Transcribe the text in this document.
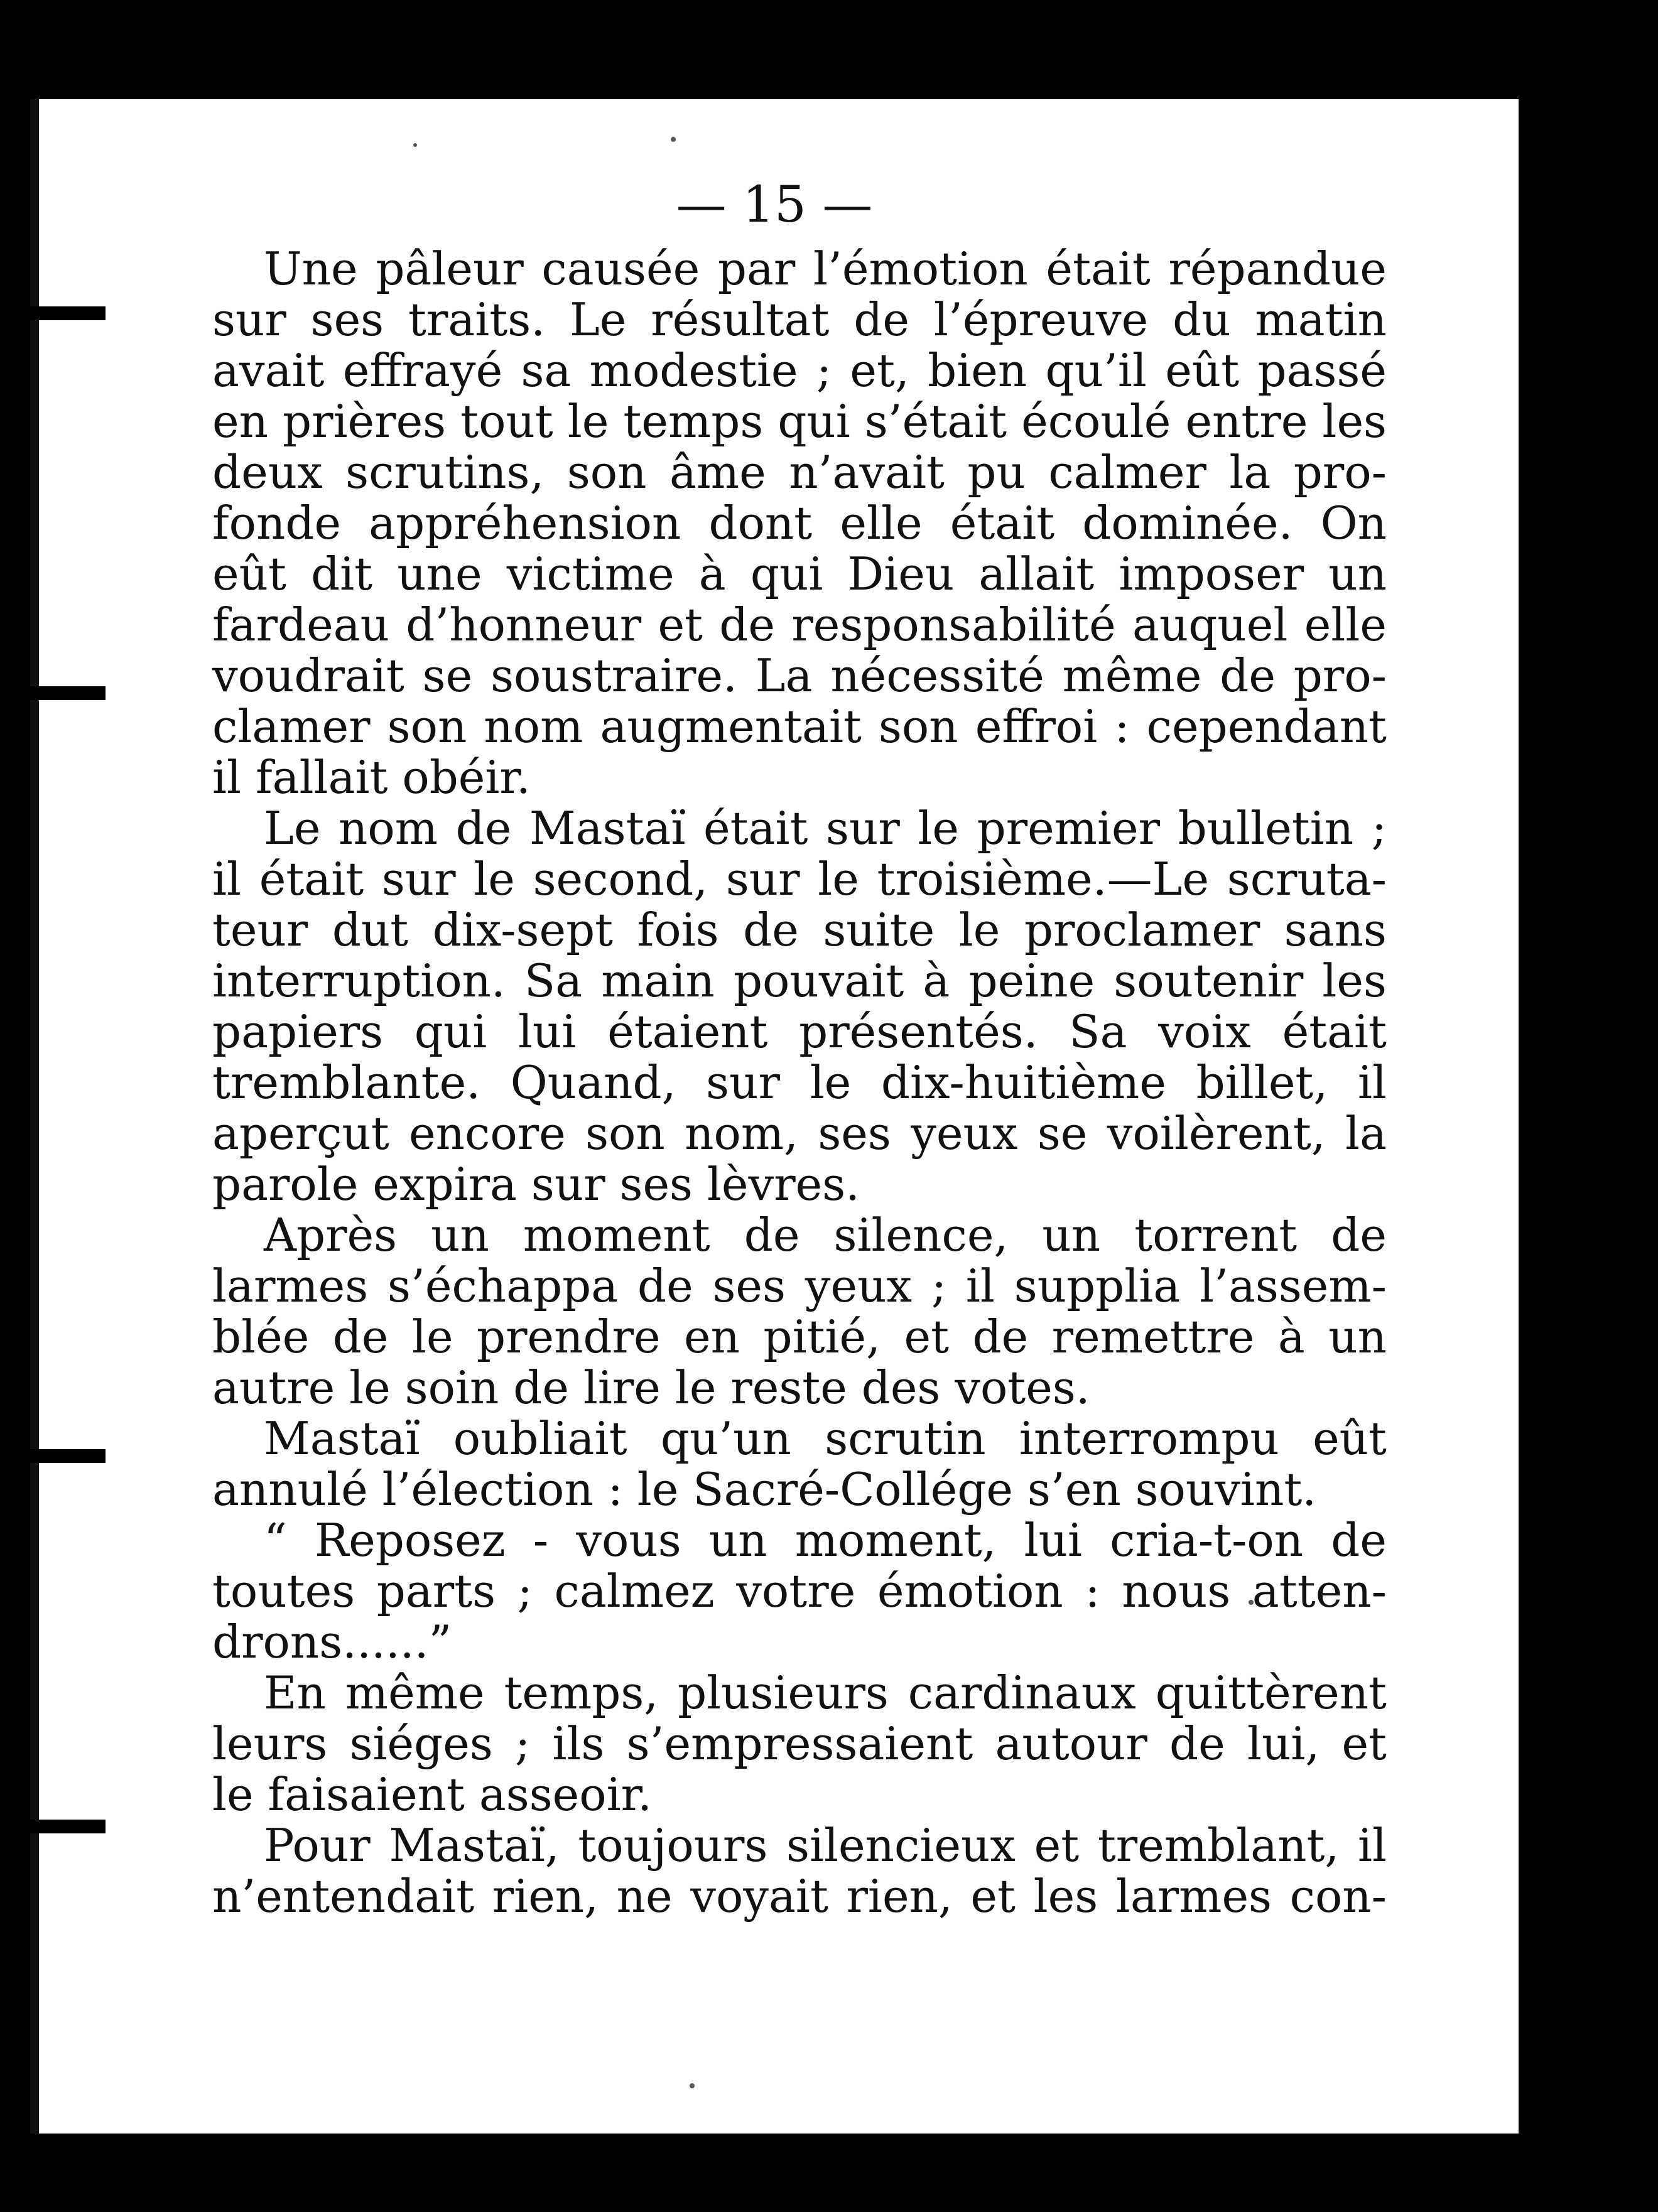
— 15 —
Une pâleur causée par l’émotion était répandue
sur ses traits. Le résultat de l’épreuve du matin
avait effrayé sa modestie ; et, bien qu’il eût passé
en prières tout le temps qui s’était écoulé entre les
deux scrutins, son âme n’avait pu calmer la pro-
fonde appréhension dont elle était dominée. On
eût dit une victime à qui Dieu allait imposer un
fardeau d’honneur et de responsabilité auquel elle
voudrait se soustraire. La nécessité même de pro-
clamer son nom augmentait son effroi : cependant
il fallait obéir.
Le nom de Mastaï était sur le premier bulletin ;
il était sur le second, sur le troisième.—Le scruta-
teur dut dix-sept fois de suite le proclamer sans
interruption. Sa main pouvait à peine soutenir les
papiers qui lui étaient présentés. Sa voix était
tremblante. Quand, sur le dix-huitième billet, il
aperçut encore son nom, ses yeux se voilèrent, la
parole expira sur ses lèvres.
Après un moment de silence, un torrent de
larmes s’échappa de ses yeux ; il supplia l’assem-
blée de le prendre en pitié, et de remettre à un
autre le soin de lire le reste des votes.
Mastaï oubliait qu’un scrutin interrompu eût
annulé l’élection : le Sacré-Collége s’en souvint.
“ Reposez - vous un moment, lui cria-t-on de
toutes parts ; calmez votre émotion : nous atten-
drons......”
En même temps, plusieurs cardinaux quittèrent
leurs siéges ; ils s’empressaient autour de lui, et
le faisaient asseoir.
Pour Mastaï, toujours silencieux et tremblant, il
n’entendait rien, ne voyait rien, et les larmes con-
